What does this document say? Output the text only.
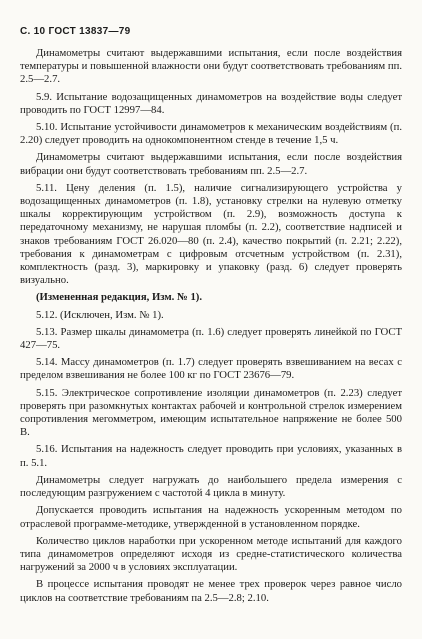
С. 10 ГОСТ 13837—79

Динамометры считают выдержавшими испытания, если после воздействия температуры и повышенной влажности они будут соответствовать требованиям пп. 2.5—2.7.

5.9. Испытание водозащищенных динамометров на воздействие воды следует проводить по ГОСТ 12997—84.

5.10. Испытание устойчивости динамометров к механическим воздействиям (п. 2.20) следует проводить на однокомпонентном стенде в течение 1,5 ч.

Динамометры считают выдержавшими испытания, если после воздействия вибрации они будут соответствовать требованиям пп. 2.5—2.7.

5.11. Цену деления (п. 1.5), наличие сигнализирующего устройства у водозащищенных динамометров (п. 1.8), установку стрелки на нулевую отметку шкалы корректирующим устройством (п. 2.9), возможность доступа к передаточному механизму, не нарушая пломбы (п. 2.2), соответствие надписей и знаков требованиям ГОСТ 26.020—80 (п. 2.4), качество покрытий (п. 2.21; 2.22), требования к динамометрам с цифровым отсчетным устройством (п. 2.31), комплектность (разд. 3), маркировку и упаковку (разд. 6) следует проверять визуально.

(Измененная редакция, Изм. № 1).

5.12. (Исключен, Изм. № 1).

5.13. Размер шкалы динамометра (п. 1.6) следует проверять линейкой по ГОСТ 427—75.

5.14. Массу динамометров (п. 1.7) следует проверять взвешиванием на весах с пределом взвешивания не более 100 кг по ГОСТ 23676—79.

5.15. Электрическое сопротивление изоляции динамометров (п. 2.23) следует проверять при разомкнутых контактах рабочей и контрольной стрелок измерением сопротивления мегомметром, имеющим испытательное напряжение не более 500 В.

5.16. Испытания на надежность следует проводить при условиях, указанных в п. 5.1.

Динамометры следует нагружать до наибольшего предела измерения с последующим разгружением с частотой 4 цикла в минуту.

Допускается проводить испытания на надежность ускоренным методом по отраслевой программе-методике, утвержденной в установленном порядке.

Количество циклов наработки при ускоренном методе испытаний для каждого типа динамометров определяют исходя из средне-статистического количества нагружений за 2000 ч в условиях эксплуатации.

В процессе испытания проводят не менее трех проверок через равное число циклов на соответствие требованиям па 2.5—2.8; 2.10.
